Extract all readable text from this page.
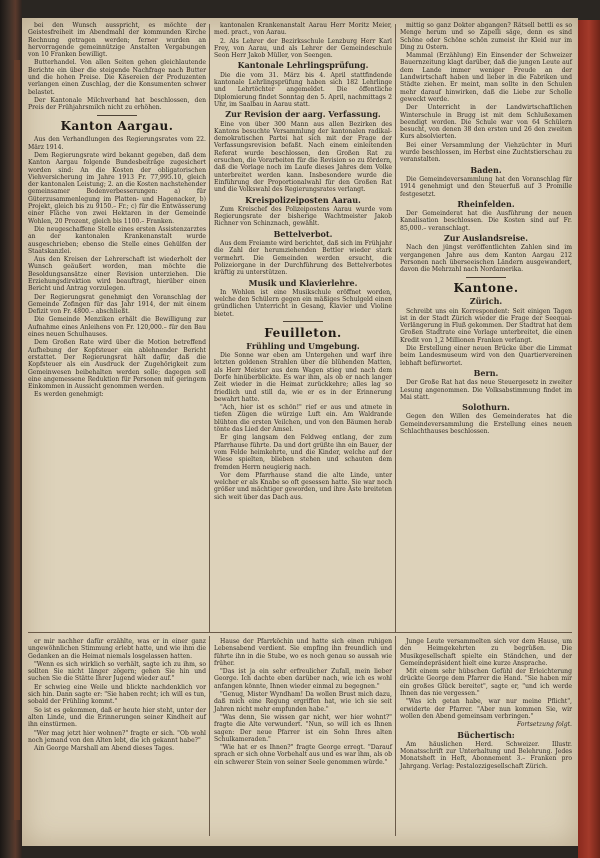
bei den Wunsch ausspricht, es möchte der Geistesfreiheit im Abendmahl der kommunden Kirche Rechnung getragen werden; ferner wurden an hervorragende gemeinnützige Anstalten Vergabungen von 10 Franken bewilligt.

Butterhandel. Von allen Seiten gehen gleichlautende Berichte ein über die steigende Nachfrage nach Butter und die hohen Preise. Die Käsereien der Produzenten verlangen einen Zuschlag, der die Konsumenten schwer belastet.

Der Kantonale Milchverband hat beschlossen, den Preis der Frühjahrsmilch nicht zu erhöhen.

Kanton Aargau.

Aus den Verhandlungen des Regierungsrates vom 22. März 1914.

Dem Regierungsrate wird bekannt gegeben, daß dem Kanton Aargau folgende Bundesbeiträge zugesichert worden sind: An die Kosten der obligatorischen Viehversicherung im Jahre 1913 Fr. 77,995.10, gleich der kantonalen Leistung; 2. an die Kosten nachstehender gemeinsamer Bodenverbesserungen: a) für Güterzusammenlegung im Platten- und Hagenacker, b) Projekt, gleich bis zu 9150.– Fr.; c) für die Entwässerung einer Fläche von zwei Hektaren in der Gemeinde Wohlen, 20 Prozent, gleich bis 1100.– Franken.

Die neugeschaffene Stelle eines ersten Assistenzarztes an der kantonalen Krankenanstalt wurde ausgeschrieben; ebenso die Stelle eines Gehülfen der Staatskanzlei.

Aus den Kreisen der Lehrerschaft ist wiederholt der Wunsch geäußert worden, man möchte die Besoldungsansätze einer Revision unterziehen. Die Erziehungsdirektion wird beauftragt, hierüber einen Bericht und Antrag vorzulegen.

Der Regierungsrat genehmigt den Voranschlag der Gemeinde Zofingen für das Jahr 1914, der mit einem Defizit von Fr. 4800.– abschließt.

Die Gemeinde Menziken erhält die Bewilligung zur Aufnahme eines Anleihens von Fr. 120,000.– für den Bau eines neuen Schulhauses.

Dem Großen Rate wird über die Motion betreffend Aufhebung der Kopfsteuer ein ablehnender Bericht erstattet. Der Regierungsrat hält dafür, daß die Kopfsteuer als ein Ausdruck der Zugehörigkeit zum Gemeinwesen beibehalten werden solle; dagegen soll eine angemessene Reduktion für Personen mit geringem Einkommen in Aussicht genommen werden.

Es werden genehmigt:

kantonalen Krankenanstalt Aarau Herr Moritz Meier, med. pract., von Aarau.

2. Als Lehrer der Bezirksschule Lenzburg Herr Karl Frey, von Aarau, und als Lehrer der Gemeindeschule Seon Herr Jakob Müller, von Seengen.

Kantonale Lehrlingsprüfung.

Die die vom 31. März bis 4. April stattfindende kantonale Lehrlingsprüfung haben sich 182 Lehrlinge und Lehrtöchter angemeldet. Die öffentliche Diplomierung findet Sonntag den 5. April, nachmittags 2 Uhr, im Saalbau in Aarau statt.

Zur Revision der aarg. Verfassung.

Eine von über 300 Mann aus allen Bezirken des Kantons besuchte Versammlung der kantonalen radikal-demokratischen Partei hat sich mit der Frage der Verfassungsrevision befaßt. Nach einem einleitenden Referat wurde beschlossen, den Großen Rat zu ersuchen, die Vorarbeiten für die Revision so zu fördern, daß die Vorlage noch im Laufe dieses Jahres dem Volke unterbreitet werden kann. Insbesondere wurde die Einführung der Proportionalwahl für den Großen Rat und die Volkswahl des Regierungsrates verlangt.

Kreispolizeiposten Aarau.

Zum Kreischef des Polizeipostens Aarau wurde vom Regierungsrate der bisherige Wachtmeister Jakob Richner von Schinznach, gewählt.

Bettelverbot.

Aus dem Freiamte wird berichtet, daß sich im Frühjahr die Zahl der herumziehenden Bettler wieder stark vermehrt. Die Gemeinden werden ersucht, die Polizeiorgane in der Durchführung des Bettelverbotes kräftig zu unterstützen.

Musik und Klavierlehre.

In Wohlen ist eine Musikschule eröffnet worden, welche den Schülern gegen ein mäßiges Schulgeld einen gründlichen Unterricht in Gesang, Klavier und Violine bietet.

Feuilleton.
Frühling und Umgebung.

Die Sonne war eben am Untergehen und warf ihre letzten goldenen Strahlen über die blühenden Matten, als Herr Meister aus dem Wagen stieg und nach dem Dorfe hinüberblickte. Es war ihm, als ob er nach langer Zeit wieder in die Heimat zurückkehre; alles lag so friedlich und still da, wie er es in der Erinnerung bewahrt hatte.

"Ach, hier ist es schön!" rief er aus und atmete in tiefen Zügen die würzige Luft ein. Am Waldrande blühten die ersten Veilchen, und von den Bäumen herab tönte das Lied der Amsel.

Er ging langsam den Feldweg entlang, der zum Pfarrhause führte. Da und dort grüßte ihn ein Bauer, der vom Felde heimkehrte, und die Kinder, welche auf der Wiese spielten, blieben stehen und schauten dem fremden Herrn neugierig nach.

Vor dem Pfarrhause stand die alte Linde, unter welcher er als Knabe so oft gesessen hatte. Sie war noch größer und mächtiger geworden, und ihre Äste breiteten sich weit über das Dach aus.

mittig so ganz Dokter abgangen? Rätsell bettli es so Menge herum und so Zapelli säge, denn es sind Schöne oder Schöne schön zumeist ihr Kleid nur im Ding zu Ostern.

Mammal (Erzählung) Ein Einsender der Schweizer Bauernzeitung klagt darüber, daß die jungen Leute auf dem Lande immer weniger Freude an der Landwirtschaft haben und lieber in die Fabriken und Städte ziehen. Er meint, man sollte in den Schulen mehr darauf hinwirken, daß die Liebe zur Scholle geweckt werde.

Der Unterricht in der Landwirtschaftlichen Winterschule in Brugg ist mit dem Schlußexamen beendigt worden. Die Schule war von 64 Schülern besucht, von denen 38 den ersten und 26 den zweiten Kurs absolvierten.

Bei einer Versammlung der Viehzüchter in Muri wurde beschlossen, im Herbst eine Zuchtstierschau zu veranstalten.

Baden.

Die Gemeindeversammlung hat den Voranschlag für 1914 genehmigt und den Steuerfuß auf 3 Promille festgesetzt.

Rheinfelden.

Der Gemeinderat hat die Ausführung der neuen Kanalisation beschlossen. Die Kosten sind auf Fr. 85,000.– veranschlagt.

Zur Auslandsreise.

Nach den jüngst veröffentlichten Zahlen sind im vergangenen Jahre aus dem Kanton Aargau 212 Personen nach überseeischen Ländern ausgewandert, davon die Mehrzahl nach Nordamerika.

Kantone.
Zürich.

Schreibt uns ein Korrespondent: Seit einigen Tagen ist in der Stadt Zürich wieder die Frage der Seequai-Verlängerung in Fluß gekommen. Der Stadtrat hat dem Großen Stadtrate eine Vorlage unterbreitet, die einen Kredit von 1,2 Millionen Franken verlangt.

Die Erstellung einer neuen Brücke über die Limmat beim Landesmuseum wird von den Quartiervereinen lebhaft befürwortet.

Bern.

Der Große Rat hat das neue Steuergesetz in zweiter Lesung angenommen. Die Volksabstimmung findet im Mai statt.

Solothurn.

Gegen den Willen des Gemeinderates hat die Gemeindeversammlung die Erstellung eines neuen Schlachthauses beschlossen.

er mir nachher dafür erzählte, was er in einer ganz ungewöhnlichen Stimmung erlebt hatte, und wie ihm die Gedanken an die Heimat niemals losgelassen hatten.

"Wenn es sich wirklich so verhält, sagte ich zu ihm, so sollten Sie nicht länger zögern; gehen Sie hin und suchen Sie die Stätte Ihrer Jugend wieder auf."

Er schwieg eine Weile und blickte nachdenklich vor sich hin. Dann sagte er: "Sie haben recht; ich will es tun, sobald der Frühling kommt."

So ist es gekommen, daß er heute hier steht, unter der alten Linde, und die Erinnerungen seiner Kindheit auf ihn einstürmen.

"Wer mag jetzt hier wohnen?" fragte er sich. "Ob wohl noch jemand von den Alten lebt, die ich gekannt habe?"

Ain George Marshall am Abend dieses Tages.

Hause der Pfarrköchin und hatte sich einen ruhigen Lebensabend verdient. Sie empfing ihn freundlich und führte ihn in die Stube, wo es noch genau so aussah wie früher.

"Das ist ja ein sehr erfreulicher Zufall, mein lieber George. Ich dachte eben darüber nach, wie ich es wohl anfangen könnte, Ihnen wieder einmal zu begegnen."

"Genug, Mister Wyndham! Da wollen Brust mich dazu, daß mich eine Regung ergriffen hat, wie ich sie seit Jahren nicht mehr empfunden habe."

"Was denn, Sie wissen gar nicht, wer hier wohnt?" fragte die Alte verwundert. "Nun, so will ich es Ihnen sagen: Der neue Pfarrer ist ein Sohn Ihres alten Schulkameraden."

"Wie hat er es Ihnen?" fragte George erregt. "Darauf sprach er sich ohne Vorbehalt aus und es war ihm, als ob ein schwerer Stein von seiner Seele genommen würde."

Junge Leute versammelten sich vor dem Hause, um den Heimgekehrten zu begrüßen. Die Musikgesellschaft spielte ein Ständchen, und der Gemeindepräsident hielt eine kurze Ansprache.

Mit einem sehr hübschen Gefühl der Erleichterung drückte George dem Pfarrer die Hand. "Sie haben mir ein großes Glück bereitet", sagte er, "und ich werde Ihnen das nie vergessen."

"Was ich getan habe, war nur meine Pflicht", erwiderte der Pfarrer. "Aber nun kommen Sie, wir wollen den Abend gemeinsam verbringen."

Fortsetzung folgt.
Büchertisch:

Am häuslichen Herd. Schweizer. Illustr. Monatsschrift zur Unterhaltung und Belehrung. Jedes Monatsheft in Heft, Abonnement 3.– Franken pro Jahrgang. Verlag: Pestalozzigesellschaft Zürich.
